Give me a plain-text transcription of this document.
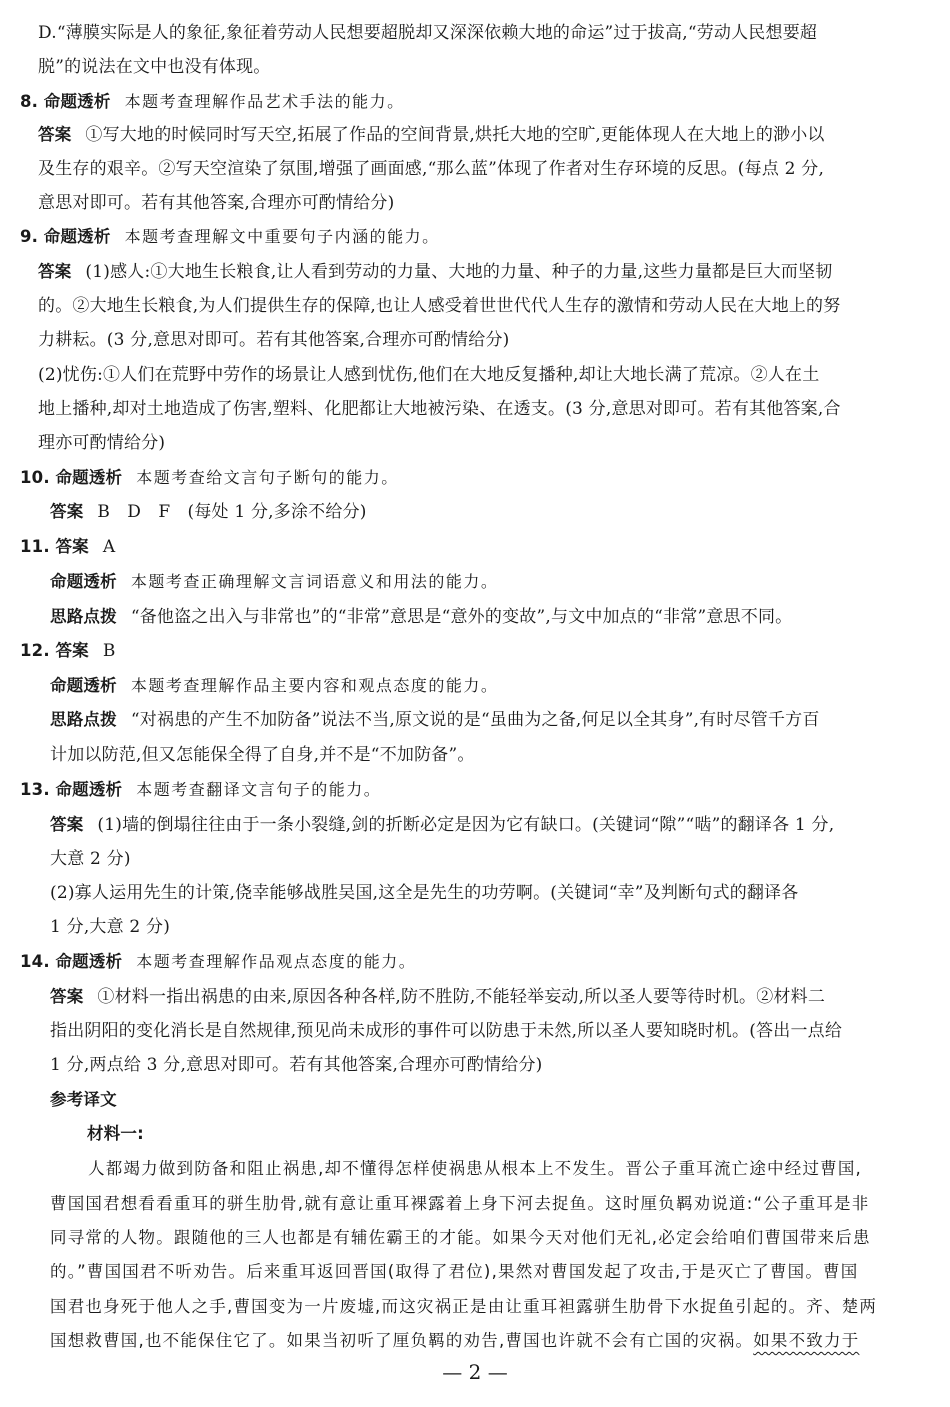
D.“薄膜实际是人的象征,象征着劳动人民想要超脱却又深深依赖大地的命运”过于拔高,“劳动人民想要超
脱”的说法在文中也没有体现。
8. 命题透析 本题考查理解作品艺术手法的能力。
答案 ①写大地的时候同时写天空,拓展了作品的空间背景,烘托大地的空旷,更能体现人在大地上的渺小以
及生存的艰辛。②写天空渲染了氛围,增强了画面感,“那么蓝”体现了作者对生存环境的反思。(每点 2 分,
意思对即可。若有其他答案,合理亦可酌情给分)
9. 命题透析 本题考查理解文中重要句子内涵的能力。
答案 (1)感人:①大地生长粮食,让人看到劳动的力量、大地的力量、种子的力量,这些力量都是巨大而坚韧
的。②大地生长粮食,为人们提供生存的保障,也让人感受着世世代代人生存的激情和劳动人民在大地上的努
力耕耘。(3 分,意思对即可。若有其他答案,合理亦可酌情给分)
(2)忧伤:①人们在荒野中劳作的场景让人感到忧伤,他们在大地反复播种,却让大地长满了荒凉。②人在土
地上播种,却对土地造成了伤害,塑料、化肥都让大地被污染、在透支。(3 分,意思对即可。若有其他答案,合
理亦可酌情给分)
10. 命题透析 本题考查给文言句子断句的能力。
答案 B　D　F　(每处 1 分,多涂不给分)
11. 答案 A
命题透析 本题考查正确理解文言词语意义和用法的能力。
思路点拨 “备他盗之出入与非常也”的“非常”意思是“意外的变故”,与文中加点的“非常”意思不同。
12. 答案 B
命题透析 本题考查理解作品主要内容和观点态度的能力。
思路点拨 “对祸患的产生不加防备”说法不当,原文说的是“虽曲为之备,何足以全其身”,有时尽管千方百
计加以防范,但又怎能保全得了自身,并不是“不加防备”。
13. 命题透析 本题考查翻译文言句子的能力。
答案 (1)墙的倒塌往往由于一条小裂缝,剑的折断必定是因为它有缺口。(关键词“隙”“啮”的翻译各 1 分,
大意 2 分)
(2)寡人运用先生的计策,侥幸能够战胜吴国,这全是先生的功劳啊。(关键词“幸”及判断句式的翻译各
1 分,大意 2 分)
14. 命题透析 本题考查理解作品观点态度的能力。
答案 ①材料一指出祸患的由来,原因各种各样,防不胜防,不能轻举妄动,所以圣人要等待时机。②材料二
指出阴阳的变化消长是自然规律,预见尚未成形的事件可以防患于未然,所以圣人要知晓时机。(答出一点给
1 分,两点给 3 分,意思对即可。若有其他答案,合理亦可酌情给分)
参考译文
材料一:
人都竭力做到防备和阻止祸患,却不懂得怎样使祸患从根本上不发生。晋公子重耳流亡途中经过曹国,
曹国国君想看看重耳的骈生肋骨,就有意让重耳裸露着上身下河去捉鱼。这时厘负羁劝说道:“公子重耳是非
同寻常的人物。跟随他的三人也都是有辅佐霸王的才能。如果今天对他们无礼,必定会给咱们曹国带来后患
的。”曹国国君不听劝告。后来重耳返回晋国(取得了君位),果然对曹国发起了攻击,于是灭亡了曹国。曹国
国君也身死于他人之手,曹国变为一片废墟,而这灾祸正是由让重耳袒露骈生肋骨下水捉鱼引起的。齐、楚两
国想救曹国,也不能保住它了。如果当初听了厘负羁的劝告,曹国也许就不会有亡国的灾祸。如果不致力于
— 2 —
